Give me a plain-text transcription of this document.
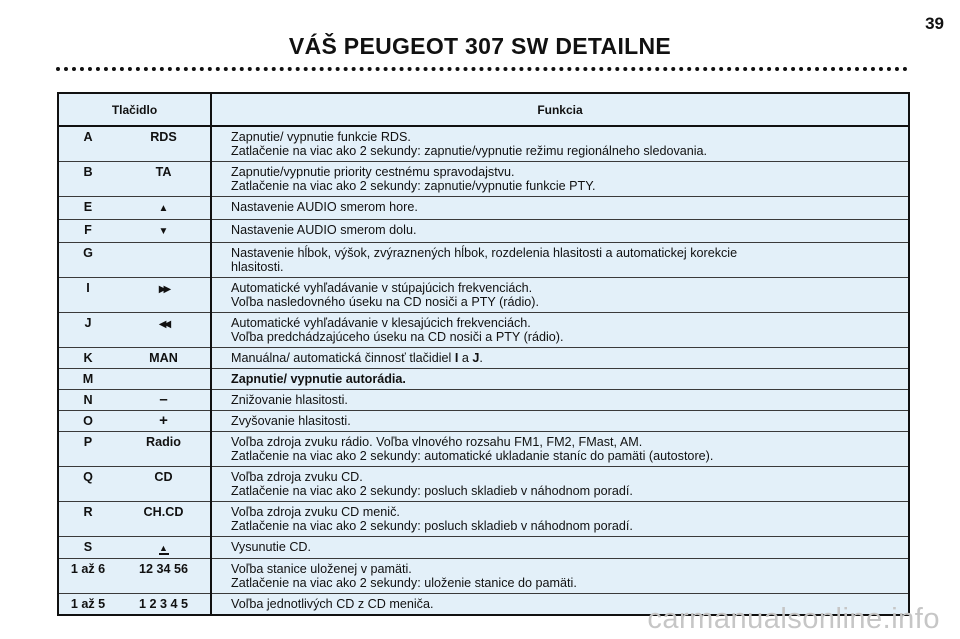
39
VÁŠ PEUGEOT 307 SW DETAILNE
Tlačidlo		Funkcia
A	RDS	Zapnutie/ vypnutie funkcie RDS.
Zatlačenie na viac ako 2 sekundy: zapnutie/vypnutie režimu regionálneho sledovania.

B	TA	Zapnutie/vypnutie priority cestnému spravodajstvu.
Zatlačenie na viac ako 2 sekundy: zapnutie/vypnutie funkcie PTY.

E	▲	Nastavenie AUDIO smerom hore.

F	▼	Nastavenie AUDIO smerom dolu.

G		Nastavenie hĺbok, výšok, zvýraznených hĺbok, rozdelenia hlasitosti a automatickej korekcie
hlasitosti.

I	▶▶	Automatické vyhľadávanie v stúpajúcich frekvenciách.
Voľba nasledovného úseku na CD nosiči a PTY (rádio).

J	◀◀	Automatické vyhľadávanie v klesajúcich frekvenciách.
Voľba predchádzajúceho úseku na CD nosiči a PTY (rádio).

K	MAN	Manuálna/ automatická činnosť tlačidiel I a J.

M		Zapnutie/ vypnutie autorádia.

N	–	Znižovanie hlasitosti.

O	+	Zvyšovanie hlasitosti.

P	Radio	Voľba zdroja zvuku rádio. Voľba vlnového rozsahu FM1, FM2, FMast, AM.
Zatlačenie na viac ako 2 sekundy: automatické ukladanie staníc do pamäti (autostore).

Q	CD	Voľba zdroja zvuku CD.
Zatlačenie na viac ako 2 sekundy: posluch skladieb v náhodnom poradí.

R	CH.CD	Voľba zdroja zvuku CD menič.
Zatlačenie na viac ako 2 sekundy: posluch skladieb v náhodnom poradí.

S	▲	Vysunutie CD.

1 až 6	12 34 56	Voľba stanice uloženej v pamäti.
Zatlačenie na viac ako 2 sekundy: uloženie stanice do pamäti.

1 až 5	1 2 3 4 5	Voľba jednotlivých CD z CD meniča.	carmanualsonline.info
